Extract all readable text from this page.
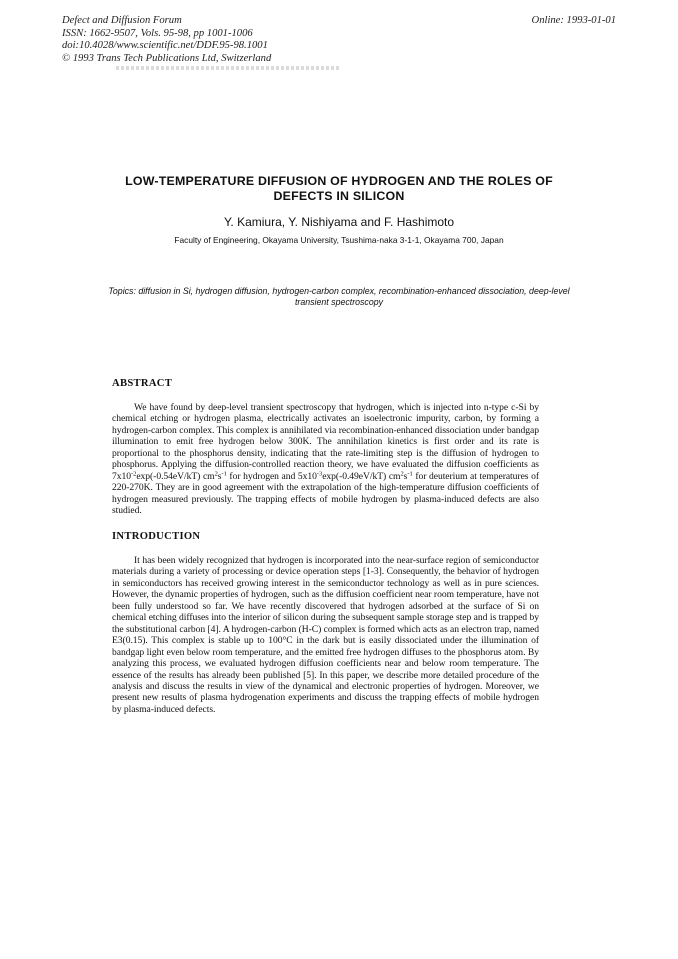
Defect and Diffusion Forum
ISSN: 1662-9507, Vols. 95-98, pp 1001-1006
doi:10.4028/www.scientific.net/DDF.95-98.1001
© 1993 Trans Tech Publications Ltd, Switzerland
Online: 1993-01-01
LOW-TEMPERATURE DIFFUSION OF HYDROGEN AND THE ROLES OF DEFECTS IN SILICON
Y. Kamiura, Y. Nishiyama and F. Hashimoto
Faculty of Engineering, Okayama University, Tsushima-naka 3-1-1, Okayama 700, Japan
Topics: diffusion in Si, hydrogen diffusion, hydrogen-carbon complex, recombination-enhanced dissociation, deep-level transient spectroscopy
ABSTRACT
We have found by deep-level transient spectroscopy that hydrogen, which is injected into n-type c-Si by chemical etching or hydrogen plasma, electrically activates an isoelectronic impurity, carbon, by forming a hydrogen-carbon complex. This complex is annihilated via recombination-enhanced dissociation under bandgap illumination to emit free hydrogen below 300K. The annihilation kinetics is first order and its rate is proportional to the phosphorus density, indicating that the rate-limiting step is the diffusion of hydrogen to phosphorus. Applying the diffusion-controlled reaction theory, we have evaluated the diffusion coefficients as $7x10^{-2}\exp(-0.54eV/kT)$ $cm^2s^{-1}$ for hydrogen and $5x10^{-3}\exp(-0.49eV/kT)$ $cm^2s^{-1}$ for deuterium at temperatures of 220-270K. They are in good agreement with the extrapolation of the high-temperature diffusion coefficients of hydrogen measured previously. The trapping effects of mobile hydrogen by plasma-induced defects are also studied.
INTRODUCTION
It has been widely recognized that hydrogen is incorporated into the near-surface region of semiconductor materials during a variety of processing or device operation steps [1-3]. Consequently, the behavior of hydrogen in semiconductors has received growing interest in the semiconductor technology as well as in pure sciences. However, the dynamic properties of hydrogen, such as the diffusion coefficient near room temperature, have not been fully understood so far. We have recently discovered that hydrogen adsorbed at the surface of Si on chemical etching diffuses into the interior of silicon during the subsequent sample storage step and is trapped by the substitutional carbon [4]. A hydrogen-carbon (H-C) complex is formed which acts as an electron trap, named E3(0.15). This complex is stable up to 100°C in the dark but is easily dissociated under the illumination of bandgap light even below room temperature, and the emitted free hydrogen diffuses to the phosphorus atom. By analyzing this process, we evaluated hydrogen diffusion coefficients near and below room temperature. The essence of the results has already been published [5]. In this paper, we describe more detailed procedure of the analysis and discuss the results in view of the dynamical and electronic properties of hydrogen. Moreover, we present new results of plasma hydrogenation experiments and discuss the trapping effects of mobile hydrogen by plasma-induced defects.
